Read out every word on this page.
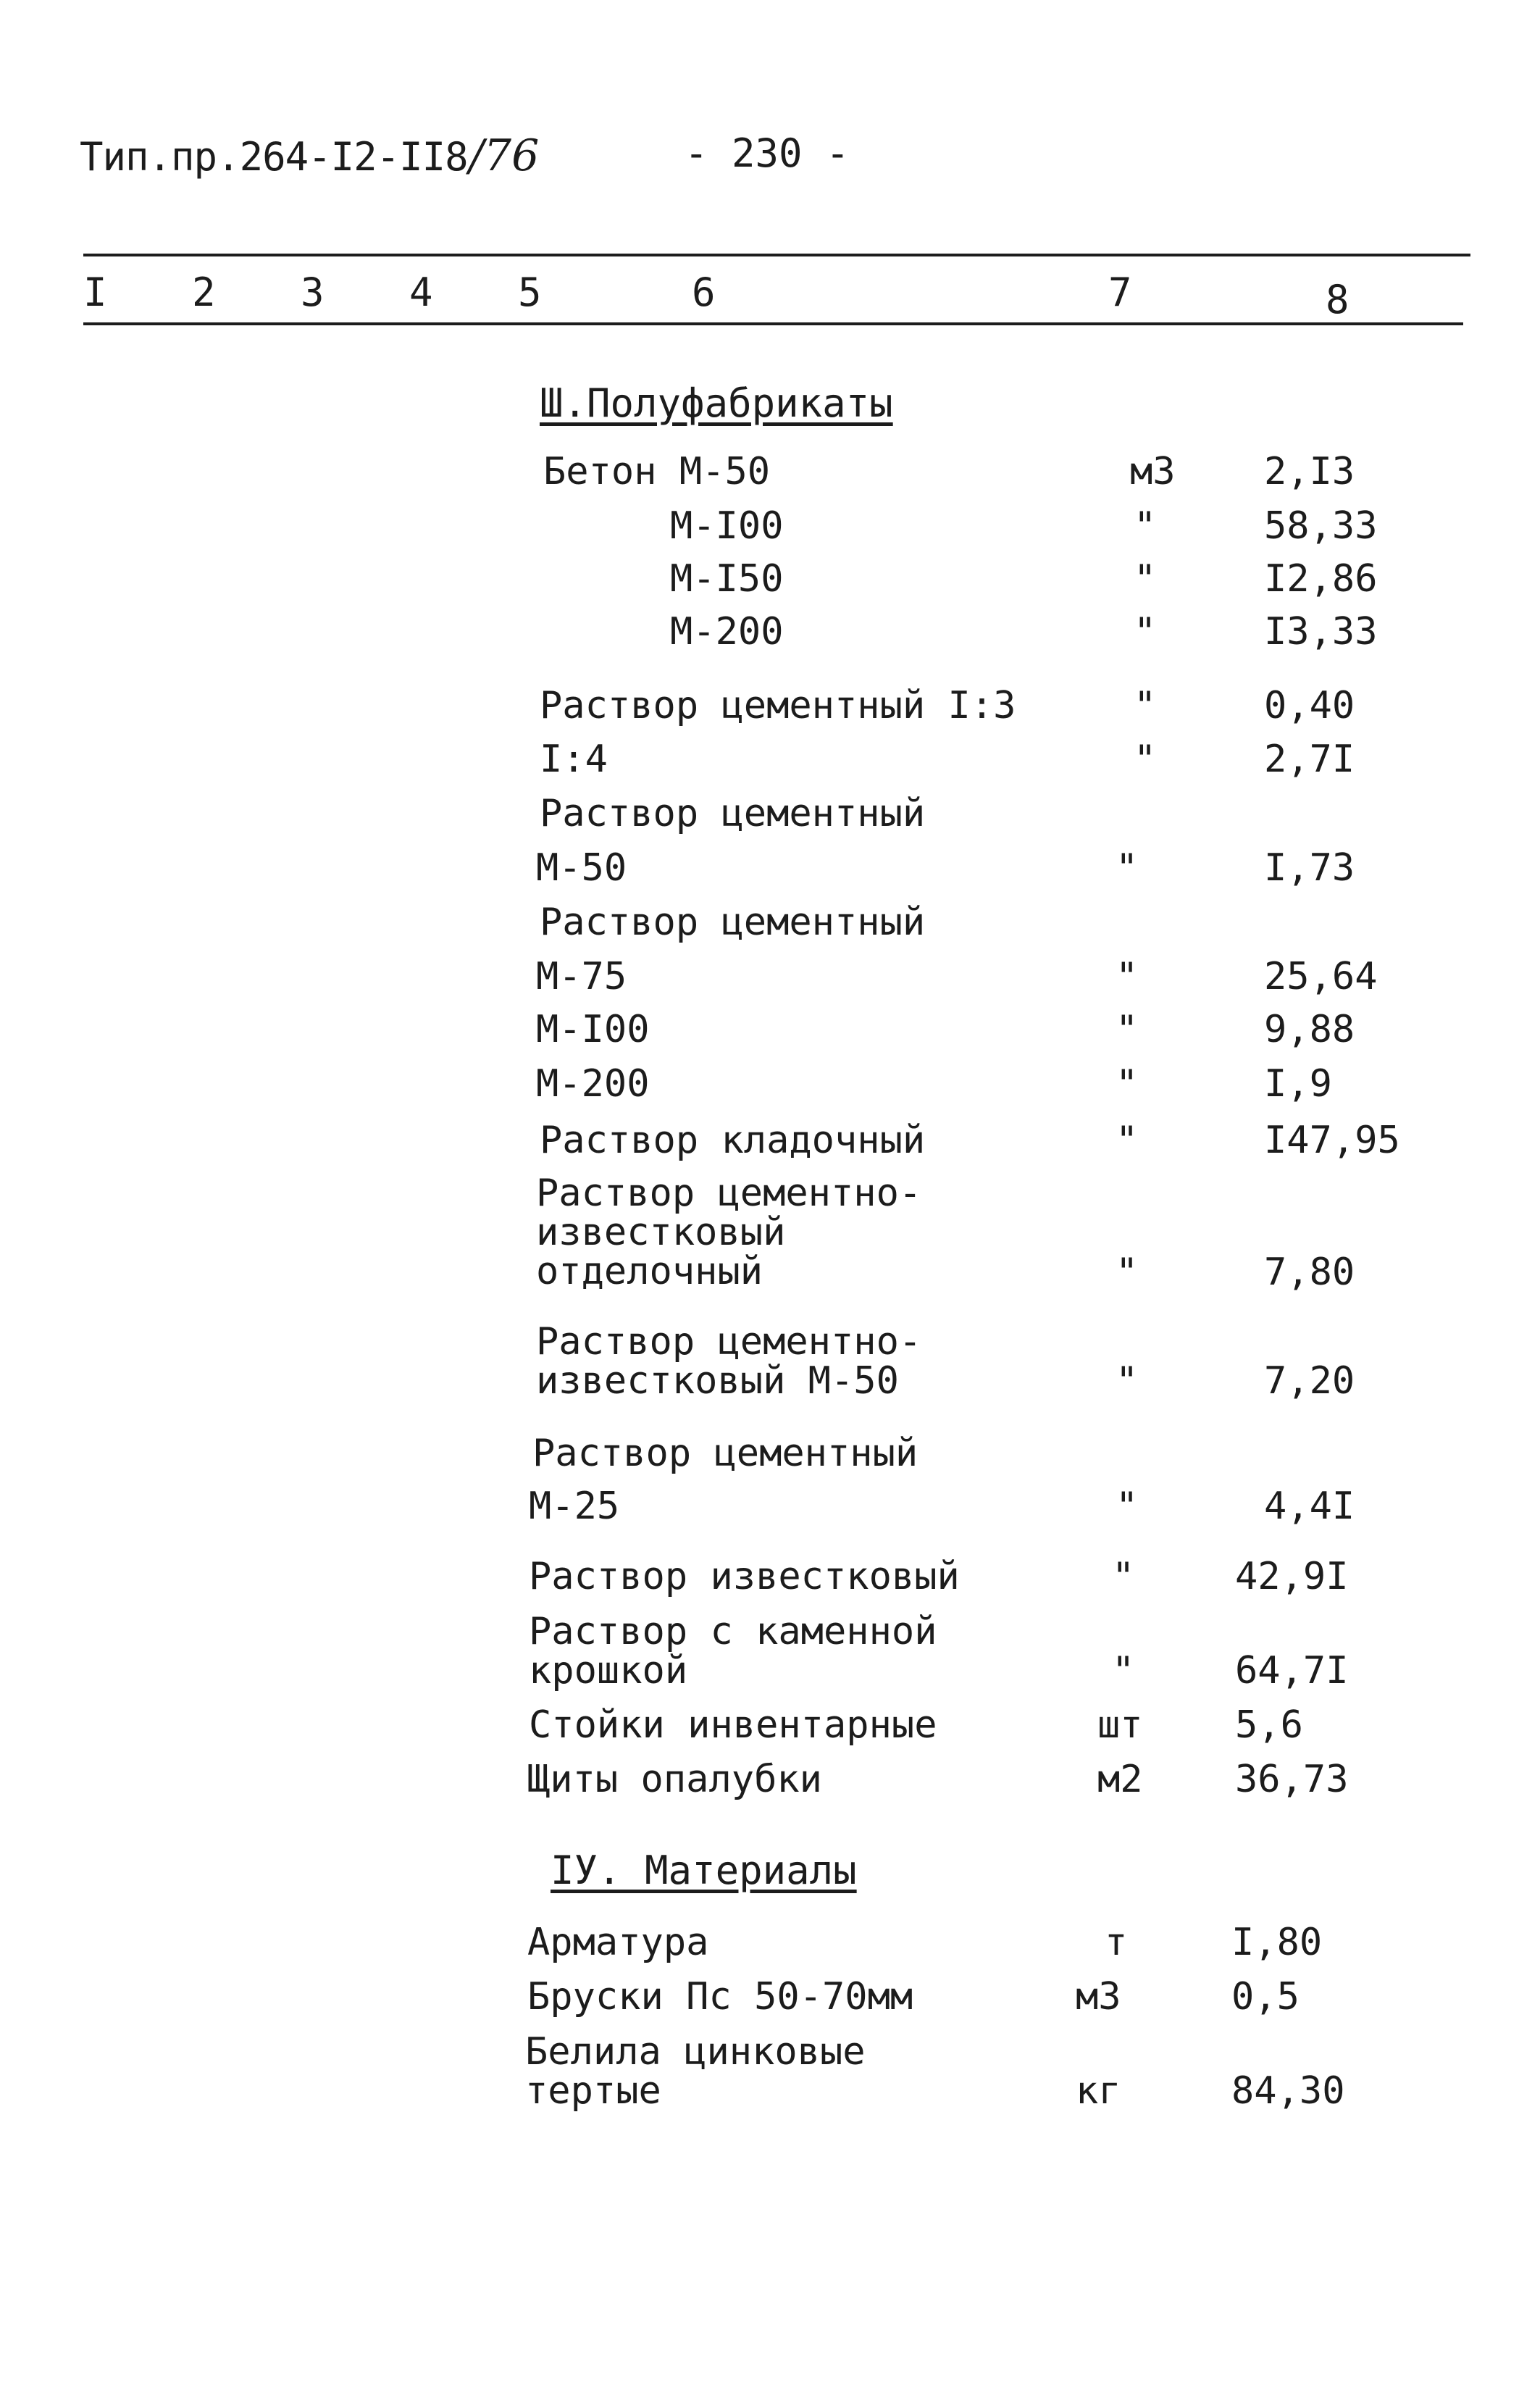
Тип.пр.264-I2-II8/76	- 230 -
I 2 3 4 5	6	7	8
Ш.Полуфабрикаты
Бетон М-50	м3 2,I3
М-I00	"	58,33
М-I50	"	I2,86
М-200	"	I3,33
Раствор цементный I:3	"	0,40
I:4	"	2,7I
Раствор цементный
М-50	"	I,73
Раствор цементный
М-75	"	25,64
М-I00	"	9,88
М-200	"	I,9
Раствор кладочный	"	I47,95
Раствор цементно-
известковый
отделочный	"	7,80
Раствор цементно-
известковый М-50	"	7,20
Раствор цементный
М-25	"	4,4I
Раствор известковый	"	42,9I
Раствор с каменной
крошкой	"	64,7I
Стойки инвентарные	шт 5,6
Щиты опалубки	м2 36,73
IУ. Материалы
Арматура	т	I,80
Бруски Пс 50-70мм	м3	0,5
Белила цинковые
тертые	кг	84,30
